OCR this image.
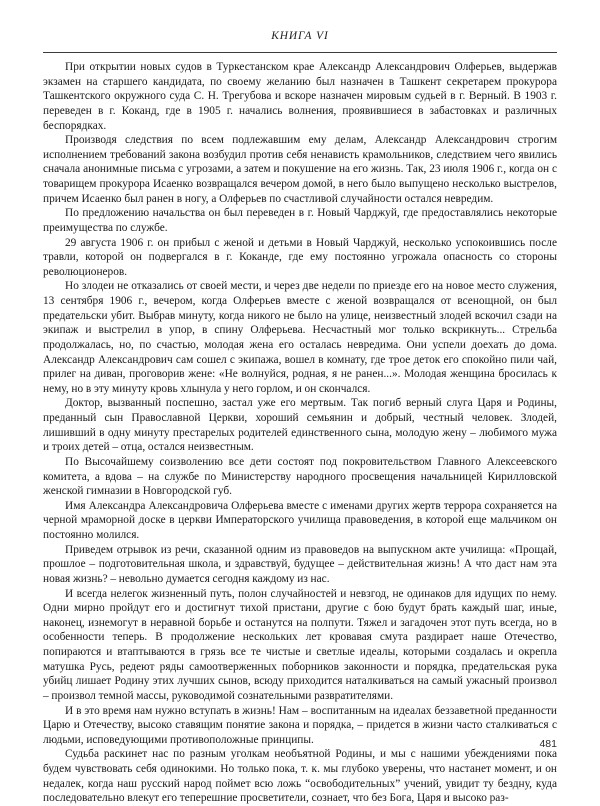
КНИГА VI

При открытии новых судов в Туркестанском крае Александр Александрович Олферьев, выдержав экзамен на старшего кандидата, по своему желанию был назначен в Ташкент секретарем прокурора Ташкентского окружного суда С. Н. Трегубова и вскоре назначен мировым судьей в г. Верный. В 1903 г. переведен в г. Коканд, где в 1905 г. начались волнения, проявившиеся в забастовках и различных беспорядках.

Производя следствия по всем подлежавшим ему делам, Александр Александрович строгим исполнением требований закона возбудил против себя ненависть крамольников, следствием чего явились сначала анонимные письма с угрозами, а затем и покушение на его жизнь. Так, 23 июля 1906 г., когда он с товарищем прокурора Исаенко возвращался вечером домой, в него было выпущено несколько выстрелов, причем Исаенко был ранен в ногу, а Олферьев по счастливой случайности остался невредим.

По предложению начальства он был переведен в г. Новый Чарджуй, где предоставлялись некоторые преимущества по службе.

29 августа 1906 г. он прибыл с женой и детьми в Новый Чарджуй, несколько успокоившись после травли, которой он подвергался в г. Коканде, где ему постоянно угрожала опасность со стороны революционеров.

Но злодеи не отказались от своей мести, и через две недели по приезде его на новое место служения, 13 сентября 1906 г., вечером, когда Олферьев вместе с женой возвращался от всенощной, он был предательски убит. Выбрав минуту, когда никого не было на улице, неизвестный злодей вскочил сзади на экипаж и выстрелил в упор, в спину Олферьева. Несчастный мог только вскрикнуть... Стрельба продолжалась, но, по счастью, молодая жена его осталась невредима. Они успели доехать до дома. Александр Александрович сам сошел с экипажа, вошел в комнату, где трое деток его спокойно пили чай, прилег на диван, проговорив жене: «Не волнуйся, родная, я не ранен...». Молодая женщина бросилась к нему, но в эту минуту кровь хлынула у него горлом, и он скончался.

Доктор, вызванный поспешно, застал уже его мертвым. Так погиб верный слуга Царя и Родины, преданный сын Православной Церкви, хороший семьянин и добрый, честный человек. Злодей, лишивший в одну минуту престарелых родителей единственного сына, молодую жену – любимого мужа и троих детей – отца, остался неизвестным.

По Высочайшему соизволению все дети состоят под покровительством Главного Алексеевского комитета, а вдова – на службе по Министерству народного просвещения начальницей Кирилловской женской гимназии в Новгородской губ.

Имя Александра Александровича Олферьева вместе с именами других жертв террора сохраняется на черной мраморной доске в церкви Императорского училища правоведения, в которой еще мальчиком он постоянно молился.

Приведем отрывок из речи, сказанной одним из правоведов на выпускном акте училища: «Прощай, прошлое – подготовительная школа, и здравствуй, будущее – действительная жизнь! А что даст нам эта новая жизнь? – невольно думается сегодня каждому из нас.

И всегда нелегок жизненный путь, полон случайностей и невзгод, не одинаков для идущих по нему. Одни мирно пройдут его и достигнут тихой пристани, другие с бою будут брать каждый шаг, иные, наконец, изнемогут в неравной борьбе и останутся на полпути. Тяжел и загадочен этот путь всегда, но в особенности теперь. В продолжение нескольких лет кровавая смута раздирает наше Отечество, попираются и втаптываются в грязь все те чистые и светлые идеалы, которыми создалась и окрепла матушка Русь, редеют ряды самоотверженных поборников законности и порядка, предательская рука убийц лишает Родину этих лучших сынов, всюду приходится наталкиваться на самый ужасный произвол – произвол темной массы, руководимой сознательными развратителями.

И в это время нам нужно вступать в жизнь! Нам – воспитанным на идеалах беззаветной преданности Царю и Отечеству, высоко ставящим понятие закона и порядка, – придется в жизни часто сталкиваться с людьми, исповедующими противоположные принципы.

Судьба раскинет нас по разным уголкам необъятной Родины, и мы с нашими убеждениями пока будем чувствовать себя одинокими. Но только пока, т. к. мы глубоко уверены, что настанет момент, и он недалек, когда наш русский народ поймет всю ложь “освободительных” учений, увидит ту бездну, куда последовательно влекут его теперешние просветители, сознает, что без Бога, Царя и высоко раз-

481
